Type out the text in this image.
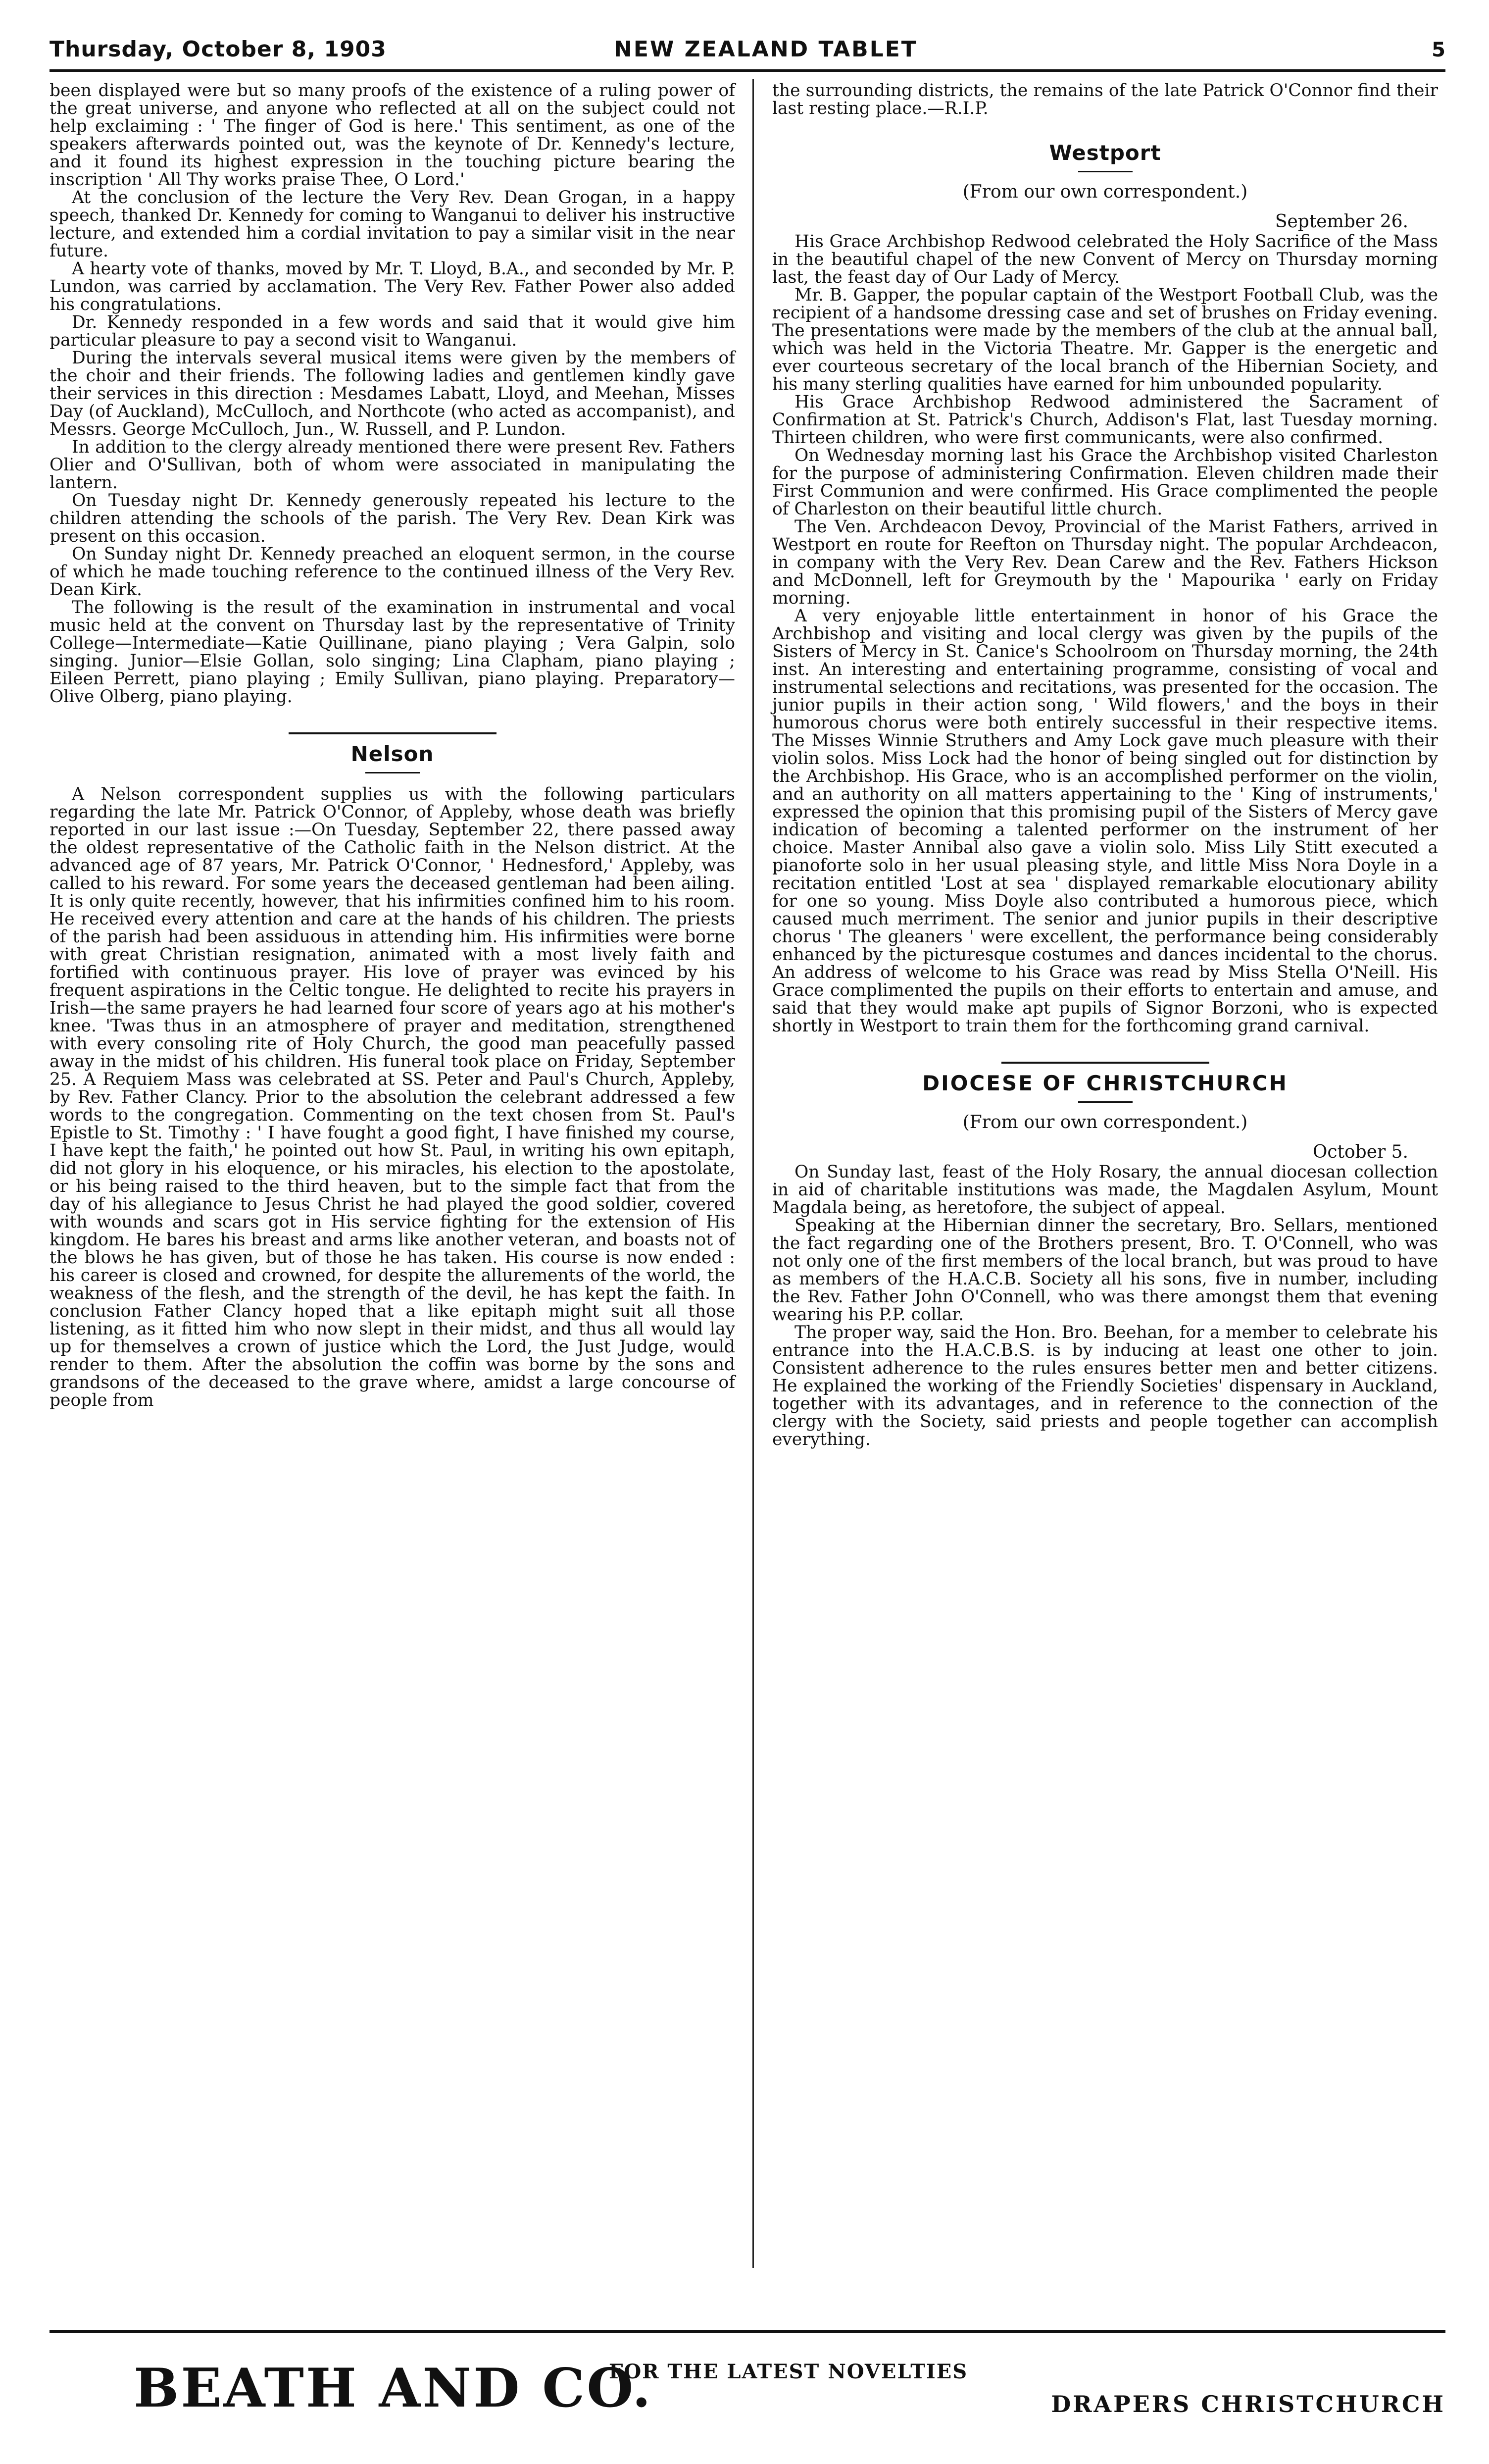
Thursday, October 8, 1903	NEW ZEALAND TABLET	5

been displayed were but so many proofs of the existence of a ruling power of the great universe, and anyone who reflected at all on the subject could not help exclaiming : ' The finger of God is here.' This sentiment, as one of the speakers afterwards pointed out, was the keynote of Dr. Kennedy's lecture, and it found its highest expression in the touching picture bearing the inscription ' All Thy works praise Thee, O Lord.'

At the conclusion of the lecture the Very Rev. Dean Grogan, in a happy speech, thanked Dr. Kennedy for coming to Wanganui to deliver his instructive lecture, and extended him a cordial invitation to pay a similar visit in the near future.

A hearty vote of thanks, moved by Mr. T. Lloyd, B.A., and seconded by Mr. P. Lundon, was carried by acclamation. The Very Rev. Father Power also added his congratulations.

Dr. Kennedy responded in a few words and said that it would give him particular pleasure to pay a second visit to Wanganui.

During the intervals several musical items were given by the members of the choir and their friends. The following ladies and gentlemen kindly gave their services in this direction : Mesdames Labatt, Lloyd, and Meehan, Misses Day (of Auckland), McCulloch, and Northcote (who acted as accompanist), and Messrs. George McCulloch, Jun., W. Russell, and P. Lundon.

In addition to the clergy already mentioned there were present Rev. Fathers Olier and O'Sullivan, both of whom were associated in manipulating the lantern.

On Tuesday night Dr. Kennedy generously repeated his lecture to the children attending the schools of the parish. The Very Rev. Dean Kirk was present on this occasion.

On Sunday night Dr. Kennedy preached an eloquent sermon, in the course of which he made touching reference to the continued illness of the Very Rev. Dean Kirk.

The following is the result of the examination in instrumental and vocal music held at the convent on Thursday last by the representative of Trinity College—Intermediate—Katie Quillinane, piano playing ; Vera Galpin, solo singing. Junior—Elsie Gollan, solo singing; Lina Clapham, piano playing ; Eileen Perrett, piano playing ; Emily Sullivan, piano playing. Preparatory—Olive Olberg, piano playing.

Nelson

A Nelson correspondent supplies us with the following particulars regarding the late Mr. Patrick O'Connor, of Appleby, whose death was briefly reported in our last issue :—On Tuesday, September 22, there passed away the oldest representative of the Catholic faith in the Nelson district. At the advanced age of 87 years, Mr. Patrick O'Connor, ' Hednesford,' Appleby, was called to his reward. For some years the deceased gentleman had been ailing. It is only quite recently, however, that his infirmities confined him to his room. He received every attention and care at the hands of his children. The priests of the parish had been assiduous in attending him. His infirmities were borne with great Christian resignation, animated with a most lively faith and fortified with continuous prayer. His love of prayer was evinced by his frequent aspirations in the Celtic tongue. He delighted to recite his prayers in Irish—the same prayers he had learned four score of years ago at his mother's knee. 'Twas thus in an atmosphere of prayer and meditation, strengthened with every consoling rite of Holy Church, the good man peacefully passed away in the midst of his children. His funeral took place on Friday, September 25. A Requiem Mass was celebrated at SS. Peter and Paul's Church, Appleby, by Rev. Father Clancy. Prior to the absolution the celebrant addressed a few words to the congregation. Commenting on the text chosen from St. Paul's Epistle to St. Timothy : ' I have fought a good fight, I have finished my course, I have kept the faith,' he pointed out how St. Paul, in writing his own epitaph, did not glory in his eloquence, or his miracles, his election to the apostolate, or his being raised to the third heaven, but to the simple fact that from the day of his allegiance to Jesus Christ he had played the good soldier, covered with wounds and scars got in His service fighting for the extension of His kingdom. He bares his breast and arms like another veteran, and boasts not of the blows he has given, but of those he has taken. His course is now ended : his career is closed and crowned, for despite the allurements of the world, the weakness of the flesh, and the strength of the devil, he has kept the faith. In conclusion Father Clancy hoped that a like epitaph might suit all those listening, as it fitted him who now slept in their midst, and thus all would lay up for themselves a crown of justice which the Lord, the Just Judge, would render to them. After the absolution the coffin was borne by the sons and grandsons of the deceased to the grave where, amidst a large concourse of people from

the surrounding districts, the remains of the late Patrick O'Connor find their last resting place.—R.I.P.

Westport
(From our own correspondent.)
September 26.

His Grace Archbishop Redwood celebrated the Holy Sacrifice of the Mass in the beautiful chapel of the new Convent of Mercy on Thursday morning last, the feast day of Our Lady of Mercy.

Mr. B. Gapper, the popular captain of the Westport Football Club, was the recipient of a handsome dressing case and set of brushes on Friday evening. The presentations were made by the members of the club at the annual ball, which was held in the Victoria Theatre. Mr. Gapper is the energetic and ever courteous secretary of the local branch of the Hibernian Society, and his many sterling qualities have earned for him unbounded popularity.

His Grace Archbishop Redwood administered the Sacrament of Confirmation at St. Patrick's Church, Addison's Flat, last Tuesday morning. Thirteen children, who were first communicants, were also confirmed.

On Wednesday morning last his Grace the Archbishop visited Charleston for the purpose of administering Confirmation. Eleven children made their First Communion and were confirmed. His Grace complimented the people of Charleston on their beautiful little church.

The Ven. Archdeacon Devoy, Provincial of the Marist Fathers, arrived in Westport en route for Reefton on Thursday night. The popular Archdeacon, in company with the Very Rev. Dean Carew and the Rev. Fathers Hickson and McDonnell, left for Greymouth by the ' Mapourika ' early on Friday morning.

A very enjoyable little entertainment in honor of his Grace the Archbishop and visiting and local clergy was given by the pupils of the Sisters of Mercy in St. Canice's Schoolroom on Thursday morning, the 24th inst. An interesting and entertaining programme, consisting of vocal and instrumental selections and recitations, was presented for the occasion. The junior pupils in their action song, ' Wild flowers,' and the boys in their humorous chorus were both entirely successful in their respective items. The Misses Winnie Struthers and Amy Lock gave much pleasure with their violin solos. Miss Lock had the honor of being singled out for distinction by the Archbishop. His Grace, who is an accomplished performer on the violin, and an authority on all matters appertaining to the ' King of instruments,' expressed the opinion that this promising pupil of the Sisters of Mercy gave indication of becoming a talented performer on the instrument of her choice. Master Annibal also gave a violin solo. Miss Lily Stitt executed a pianoforte solo in her usual pleasing style, and little Miss Nora Doyle in a recitation entitled 'Lost at sea ' displayed remarkable elocutionary ability for one so young. Miss Doyle also contributed a humorous piece, which caused much merriment. The senior and junior pupils in their descriptive chorus ' The gleaners ' were excellent, the performance being considerably enhanced by the picturesque costumes and dances incidental to the chorus. An address of welcome to his Grace was read by Miss Stella O'Neill. His Grace complimented the pupils on their efforts to entertain and amuse, and said that they would make apt pupils of Signor Borzoni, who is expected shortly in Westport to train them for the forthcoming grand carnival.

DIOCESE OF CHRISTCHURCH
(From our own correspondent.)
October 5.

On Sunday last, feast of the Holy Rosary, the annual diocesan collection in aid of charitable institutions was made, the Magdalen Asylum, Mount Magdala being, as heretofore, the subject of appeal.

Speaking at the Hibernian dinner the secretary, Bro. Sellars, mentioned the fact regarding one of the Brothers present, Bro. T. O'Connell, who was not only one of the first members of the local branch, but was proud to have as members of the H.A.C.B. Society all his sons, five in number, including the Rev. Father John O'Connell, who was there amongst them that evening wearing his P.P. collar.

The proper way, said the Hon. Bro. Beehan, for a member to celebrate his entrance into the H.A.C.B.S. is by inducing at least one other to join. Consistent adherence to the rules ensures better men and better citizens. He explained the working of the Friendly Societies' dispensary in Auckland, together with its advantages, and in reference to the connection of the clergy with the Society, said priests and people together can accomplish everything.

BEATH AND CO.
FOR THE LATEST NOVELTIES
DRAPERS CHRISTCHURCH
